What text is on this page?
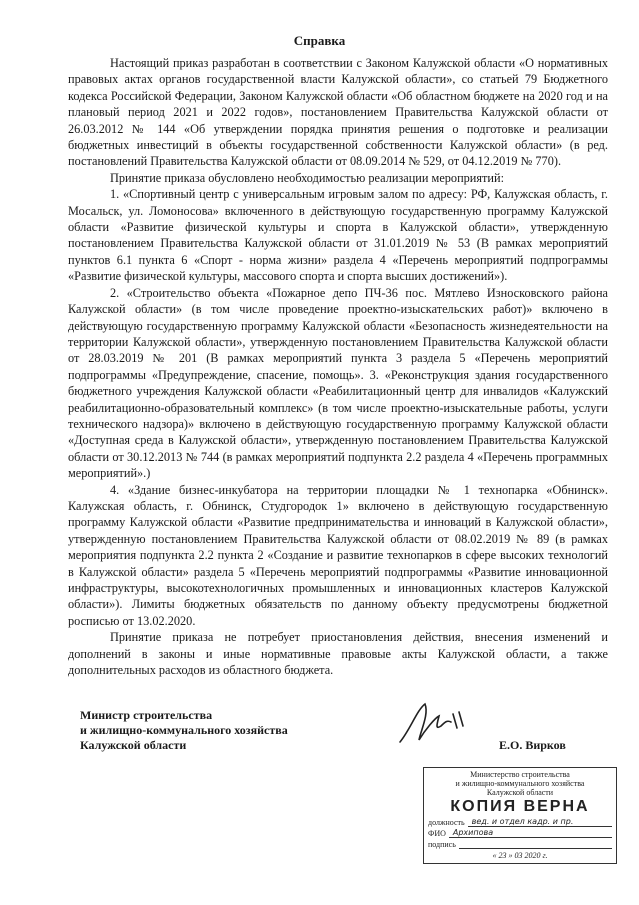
Справка

Настоящий приказ разработан в соответствии с Законом Калужской области «О нормативных правовых актах органов государственной власти Калужской области», со статьей 79 Бюджетного кодекса Российской Федерации, Законом Калужской области «Об областном бюджете на 2020 год и на плановый период 2021 и 2022 годов», постановлением Правительства Калужской области от 26.03.2012 № 144 «Об утверждении порядка принятия решения о подготовке и реализации бюджетных инвестиций в объекты государственной собственности Калужской области» (в ред. постановлений Правительства Калужской области от 08.09.2014 № 529, от 04.12.2019 № 770).

Принятие приказа обусловлено необходимостью реализации мероприятий:

1. «Спортивный центр с универсальным игровым залом по адресу: РФ, Калужская область, г. Мосальск, ул. Ломоносова» включенного в действующую государственную программу Калужской области «Развитие физической культуры и спорта в Калужской области», утвержденную постановлением Правительства Калужской области от 31.01.2019 № 53 (В рамках мероприятий пунктов 6.1 пункта 6 «Спорт - норма жизни» раздела 4 «Перечень мероприятий подпрограммы «Развитие физической культуры, массового спорта и спорта высших достижений»).

2. «Строительство объекта «Пожарное депо ПЧ-36 пос. Мятлево Износковского района Калужской области» (в том числе проведение проектно-изыскательских работ)» включено в действующую государственную программу Калужской области «Безопасность жизнедеятельности на территории Калужской области», утвержденную постановлением Правительства Калужской области от 28.03.2019 № 201 (В рамках мероприятий пункта 3 раздела 5 «Перечень мероприятий подпрограммы «Предупреждение, спасение, помощь». 3. «Реконструкция здания государственного бюджетного учреждения Калужской области «Реабилитационный центр для инвалидов «Калужский реабилитационно-образовательный комплекс» (в том числе проектно-изыскательные работы, услуги технического надзора)» включено в действующую государственную программу Калужской области «Доступная среда в Калужской области», утвержденную постановлением Правительства Калужской области от 30.12.2013 № 744 (в рамках мероприятий подпункта 2.2 раздела 4 «Перечень программных мероприятий».)

4. «Здание бизнес-инкубатора на территории площадки № 1 технопарка «Обнинск». Калужская область, г. Обнинск, Студгородок 1» включено в действующую государственную программу Калужской области «Развитие предпринимательства и инноваций в Калужской области», утвержденную постановлением Правительства Калужской области от 08.02.2019 № 89 (в рамках мероприятия подпункта 2.2 пункта 2 «Создание и развитие технопарков в сфере высоких технологий в Калужской области» раздела 5 «Перечень мероприятий подпрограммы «Развитие инновационной инфраструктуры, высокотехнологичных промышленных и инновационных кластеров Калужской области»). Лимиты бюджетных обязательств по данному объекту предусмотрены бюджетной росписью от 13.02.2020.

Принятие приказа не потребует приостановления действия, внесения изменений и дополнений в законы и иные нормативные правовые акты Калужской области, а также дополнительных расходов из областного бюджета.

Министр строительства
и жилищно-коммунального хозяйства
Калужской области	Е.О. Вирков
Министерство строительства
и жилищно-коммунального хозяйства
Калужской области
КОПИЯ ВЕРНА
должность вед. и отдел кадр. и пр.
ФИО Архипова
подпись
« 23 » 03 2020 г.
